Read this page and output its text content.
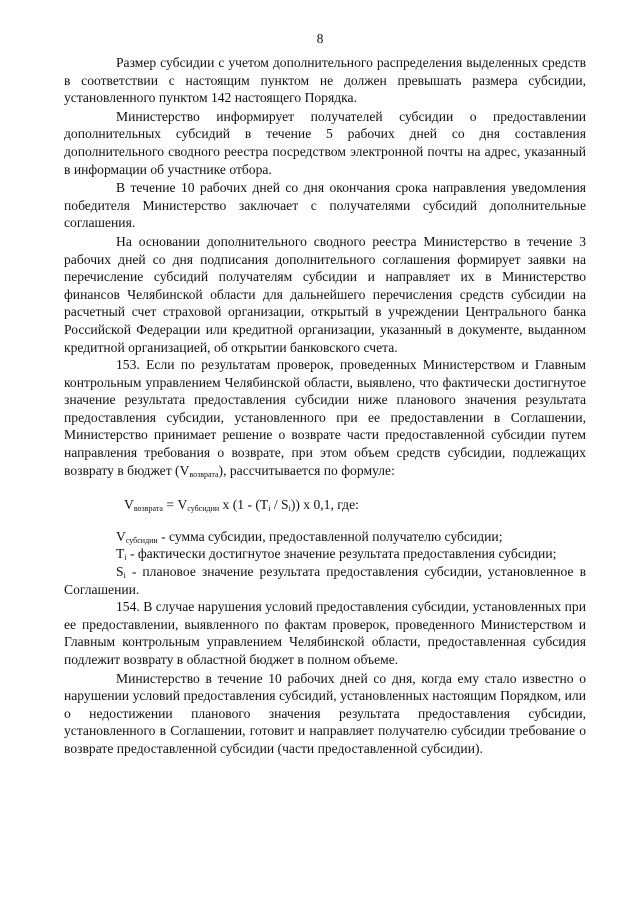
8

Размер субсидии с учетом дополнительного распределения выделенных средств в соответствии с настоящим пунктом не должен превышать размера субсидии, установленного пунктом 142 настоящего Порядка.

Министерство информирует получателей субсидии о предоставлении дополнительных субсидий в течение 5 рабочих дней со дня составления дополнительного сводного реестра посредством электронной почты на адрес, указанный в информации об участнике отбора.

В течение 10 рабочих дней со дня окончания срока направления уведомления победителя Министерство заключает с получателями субсидий дополнительные соглашения.

На основании дополнительного сводного реестра Министерство в течение 3 рабочих дней со дня подписания дополнительного соглашения формирует заявки на перечисление субсидий получателям субсидии и направляет их в Министерство финансов Челябинской области для дальнейшего перечисления средств субсидии на расчетный счет страховой организации, открытый в учреждении Центрального банка Российской Федерации или кредитной организации, указанный в документе, выданном кредитной организацией, об открытии банковского счета.

153. Если по результатам проверок, проведенных Министерством и Главным контрольным управлением Челябинской области, выявлено, что фактически достигнутое значение результата предоставления субсидии ниже планового значения результата предоставления субсидии, установленного при ее предоставлении в Соглашении, Министерство принимает решение о возврате части предоставленной субсидии путем направления требования о возврате, при этом объем средств субсидии, подлежащих возврату в бюджет $(V_{возврата})$, рассчитывается по формуле:

$V_{возврата} = V_{субсидии}$ x $(1 - (T_i / S_i))$ x 0,1, где:

$V_{субсидии}$ - сумма субсидии, предоставленной получателю субсидии;

$T_i$ - фактически достигнутое значение результата предоставления субсидии;

$S_i$ - плановое значение результата предоставления субсидии, установленное в Соглашении.

154. В случае нарушения условий предоставления субсидии, установленных при ее предоставлении, выявленного по фактам проверок, проведенного Министерством и Главным контрольным управлением Челябинской области, предоставленная субсидия подлежит возврату в областной бюджет в полном объеме.

Министерство в течение 10 рабочих дней со дня, когда ему стало известно о нарушении условий предоставления субсидий, установленных настоящим Порядком, или о недостижении планового значения результата предоставления субсидии, установленного в Соглашении, готовит и направляет получателю субсидии требование о возврате предоставленной субсидии (части предоставленной субсидии).
